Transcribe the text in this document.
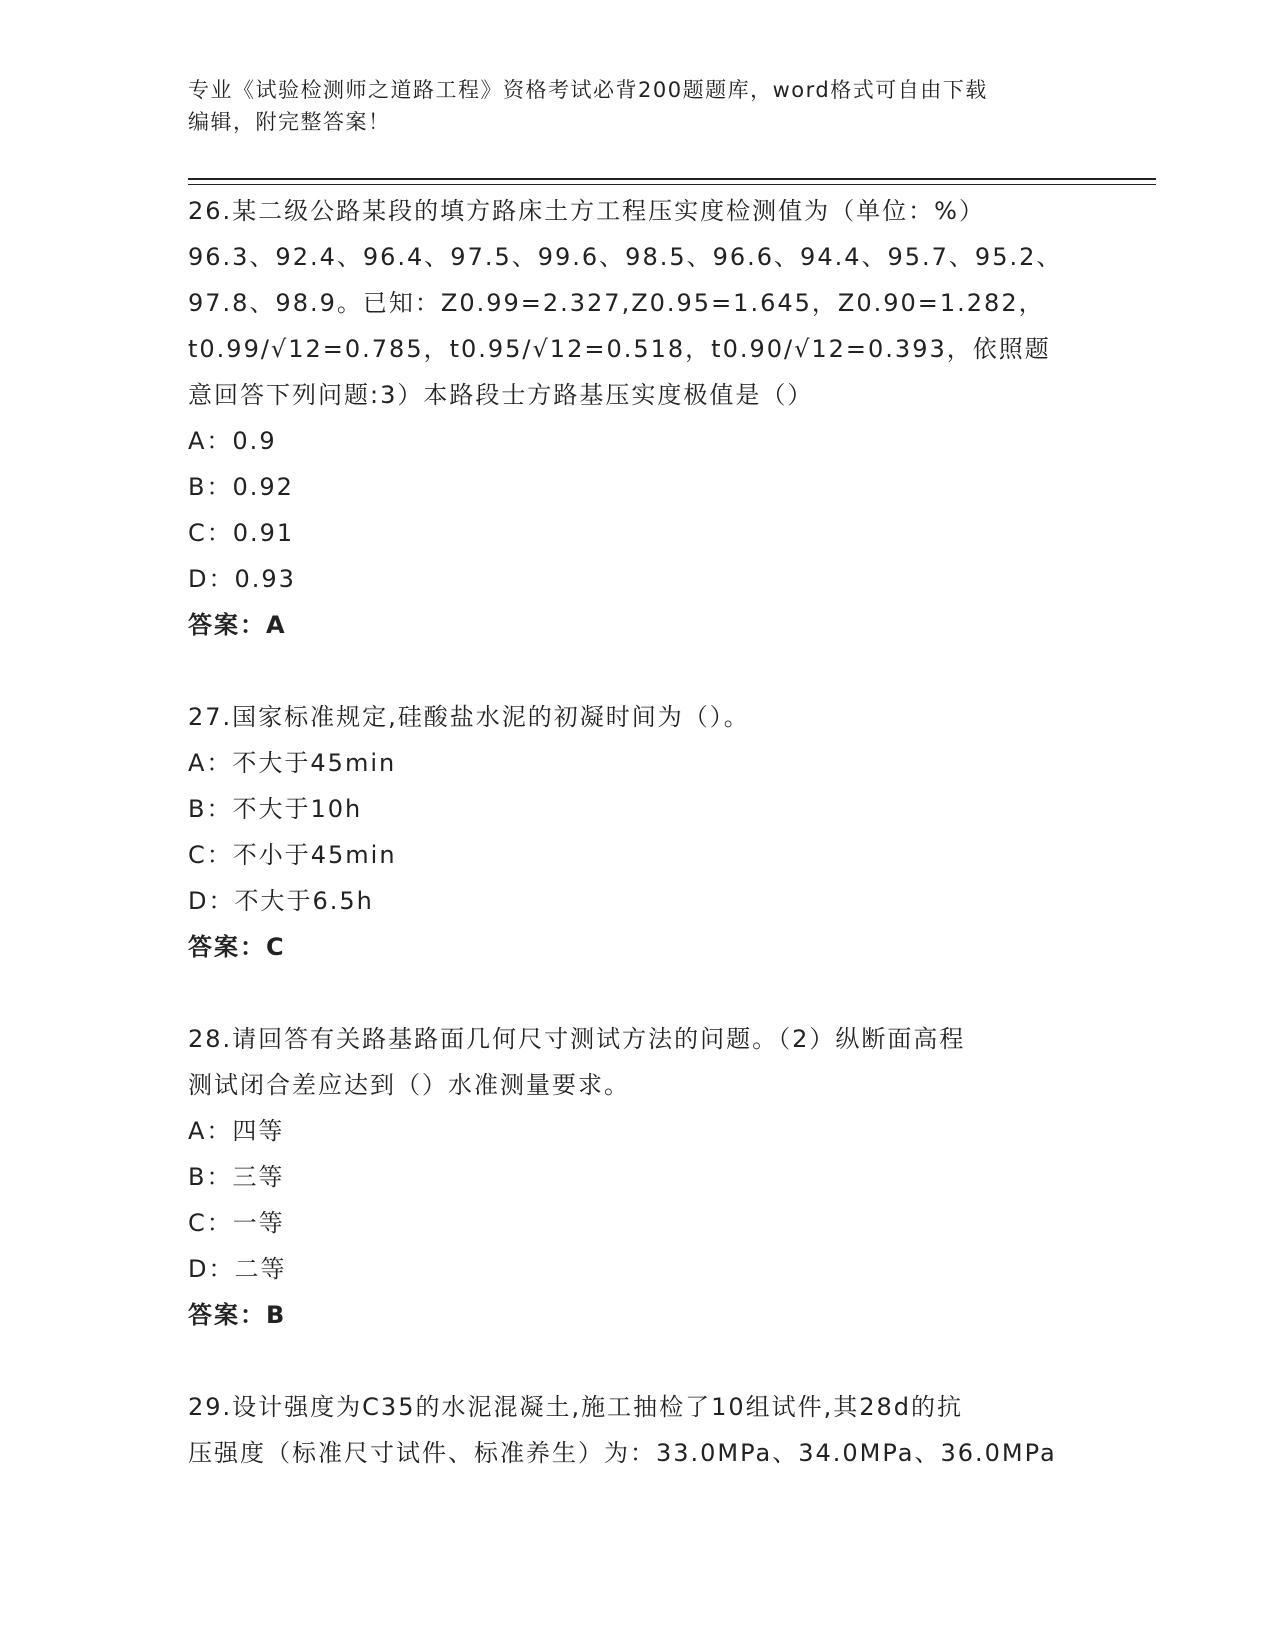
专业《试验检测师之道路工程》资格考试必背200题题库，word格式可自由下载
编辑，附完整答案！
26.某二级公路某段的填方路床土方工程压实度检测值为（单位：%）
96.3、92.4、96.4、97.5、99.6、98.5、96.6、94.4、95.7、95.2、
97.8、98.9。已知：Z0.99=2.327,Z0.95=1.645，Z0.90=1.282，
t0.99/√12=0.785，t0.95/√12=0.518，t0.90/√12=0.393，依照题
意回答下列问题:3）本路段士方路基压实度极值是（）
A：0.9
B：0.92
C：0.91
D：0.93
答案：A
27.国家标准规定,硅酸盐水泥的初凝时间为（）。
A：不大于45min
B：不大于10h
C：不小于45min
D：不大于6.5h
答案：C
28.请回答有关路基路面几何尺寸测试方法的问题。（2）纵断面高程
测试闭合差应达到（）水准测量要求。
A：四等
B：三等
C：一等
D：二等
答案：B
29.设计强度为C35的水泥混凝土,施工抽检了10组试件,其28d的抗
压强度（标准尺寸试件、标准养生）为：33.0MPa、34.0MPa、36.0MPa
